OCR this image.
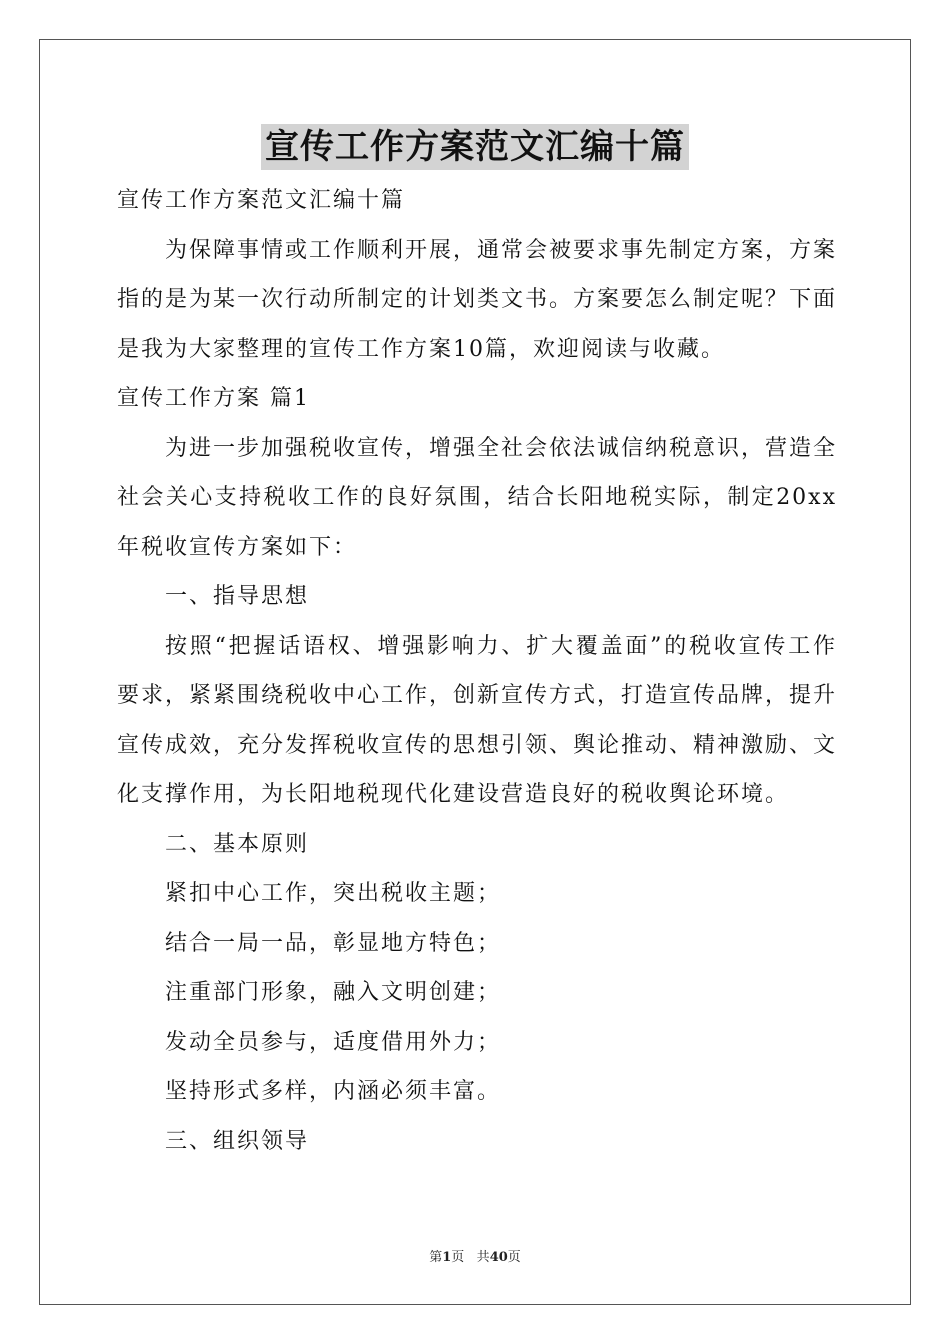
宣传工作方案范文汇编十篇
宣传工作方案范文汇编十篇
为保障事情或工作顺利开展，通常会被要求事先制定方案，方案指的是为某一次行动所制定的计划类文书。方案要怎么制定呢？下面是我为大家整理的宣传工作方案10篇，欢迎阅读与收藏。
宣传工作方案 篇1
为进一步加强税收宣传，增强全社会依法诚信纳税意识，营造全社会关心支持税收工作的良好氛围，结合长阳地税实际，制定20xx年税收宣传方案如下：
一、指导思想
按照“把握话语权、增强影响力、扩大覆盖面”的税收宣传工作要求，紧紧围绕税收中心工作，创新宣传方式，打造宣传品牌，提升宣传成效，充分发挥税收宣传的思想引领、舆论推动、精神激励、文化支撑作用，为长阳地税现代化建设营造良好的税收舆论环境。
二、基本原则
紧扣中心工作，突出税收主题；
结合一局一品，彰显地方特色；
注重部门形象，融入文明创建；
发动全员参与，适度借用外力；
坚持形式多样，内涵必须丰富。
三、组织领导
第1页 共40页
